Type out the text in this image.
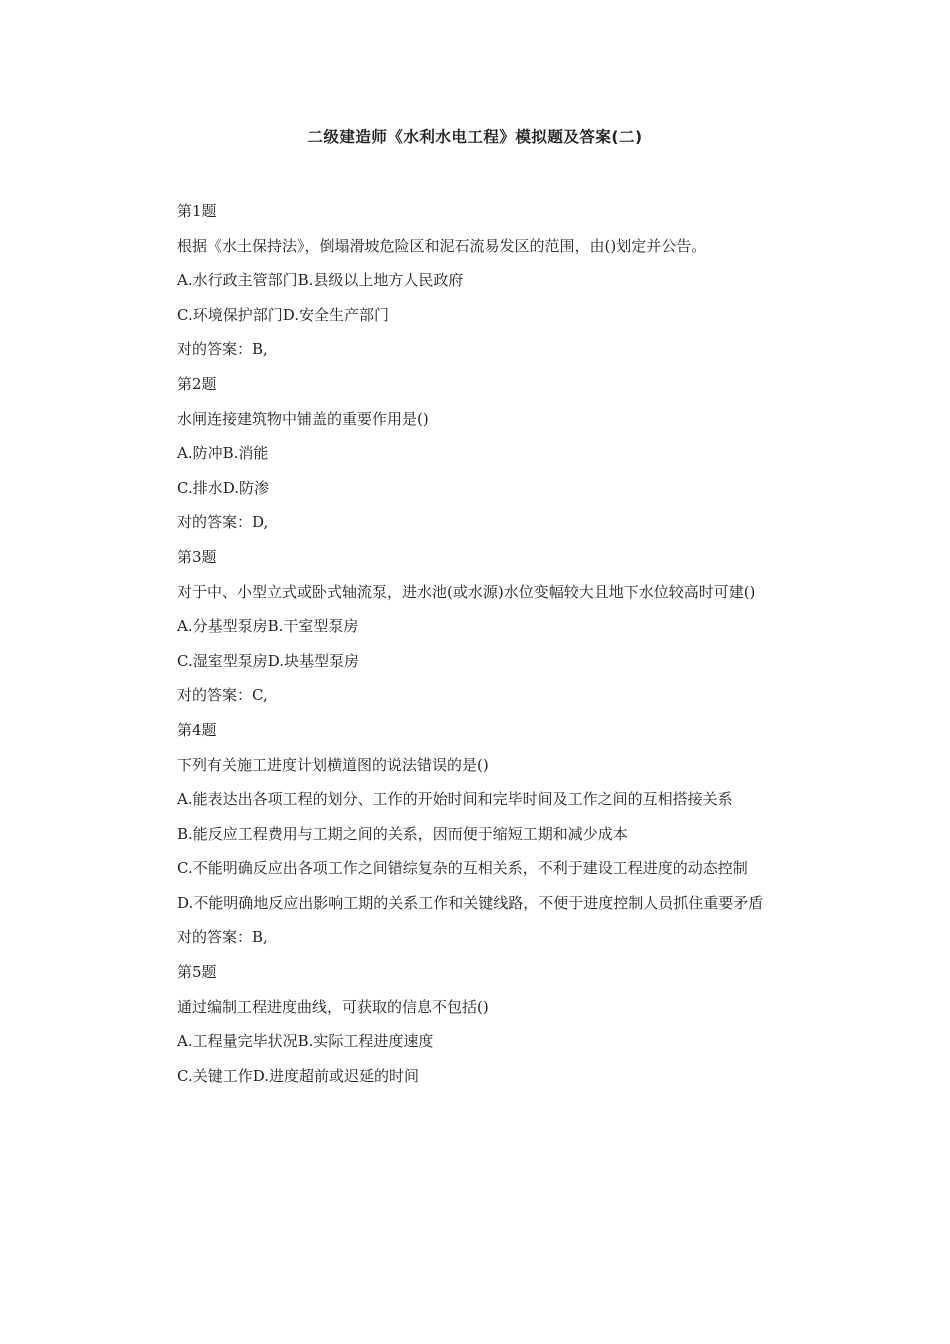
二级建造师《水利水电工程》模拟题及答案(二)

第1题

根据《水土保持法》，倒塌滑坡危险区和泥石流易发区的范围，由()划定并公告。

A.水行政主管部门B.县级以上地方人民政府

C.环境保护部门D.安全生产部门

对的答案：B,

第2题

水闸连接建筑物中铺盖的重要作用是()

A.防冲B.消能

C.排水D.防渗

对的答案：D,

第3题

对于中、小型立式或卧式轴流泵，进水池(或水源)水位变幅较大且地下水位较高时可建()

A.分基型泵房B.干室型泵房

C.湿室型泵房D.块基型泵房

对的答案：C,

第4题

下列有关施工进度计划横道图的说法错误的是()

A.能表达出各项工程的划分、工作的开始时间和完毕时间及工作之间的互相搭接关系

B.能反应工程费用与工期之间的关系，因而便于缩短工期和减少成本

C.不能明确反应出各项工作之间错综复杂的互相关系，不利于建设工程进度的动态控制

D.不能明确地反应出影响工期的关系工作和关键线路，不便于进度控制人员抓住重要矛盾

对的答案：B,

第5题

通过编制工程进度曲线，可获取的信息不包括()

A.工程量完毕状况B.实际工程进度速度

C.关键工作D.进度超前或迟延的时间
